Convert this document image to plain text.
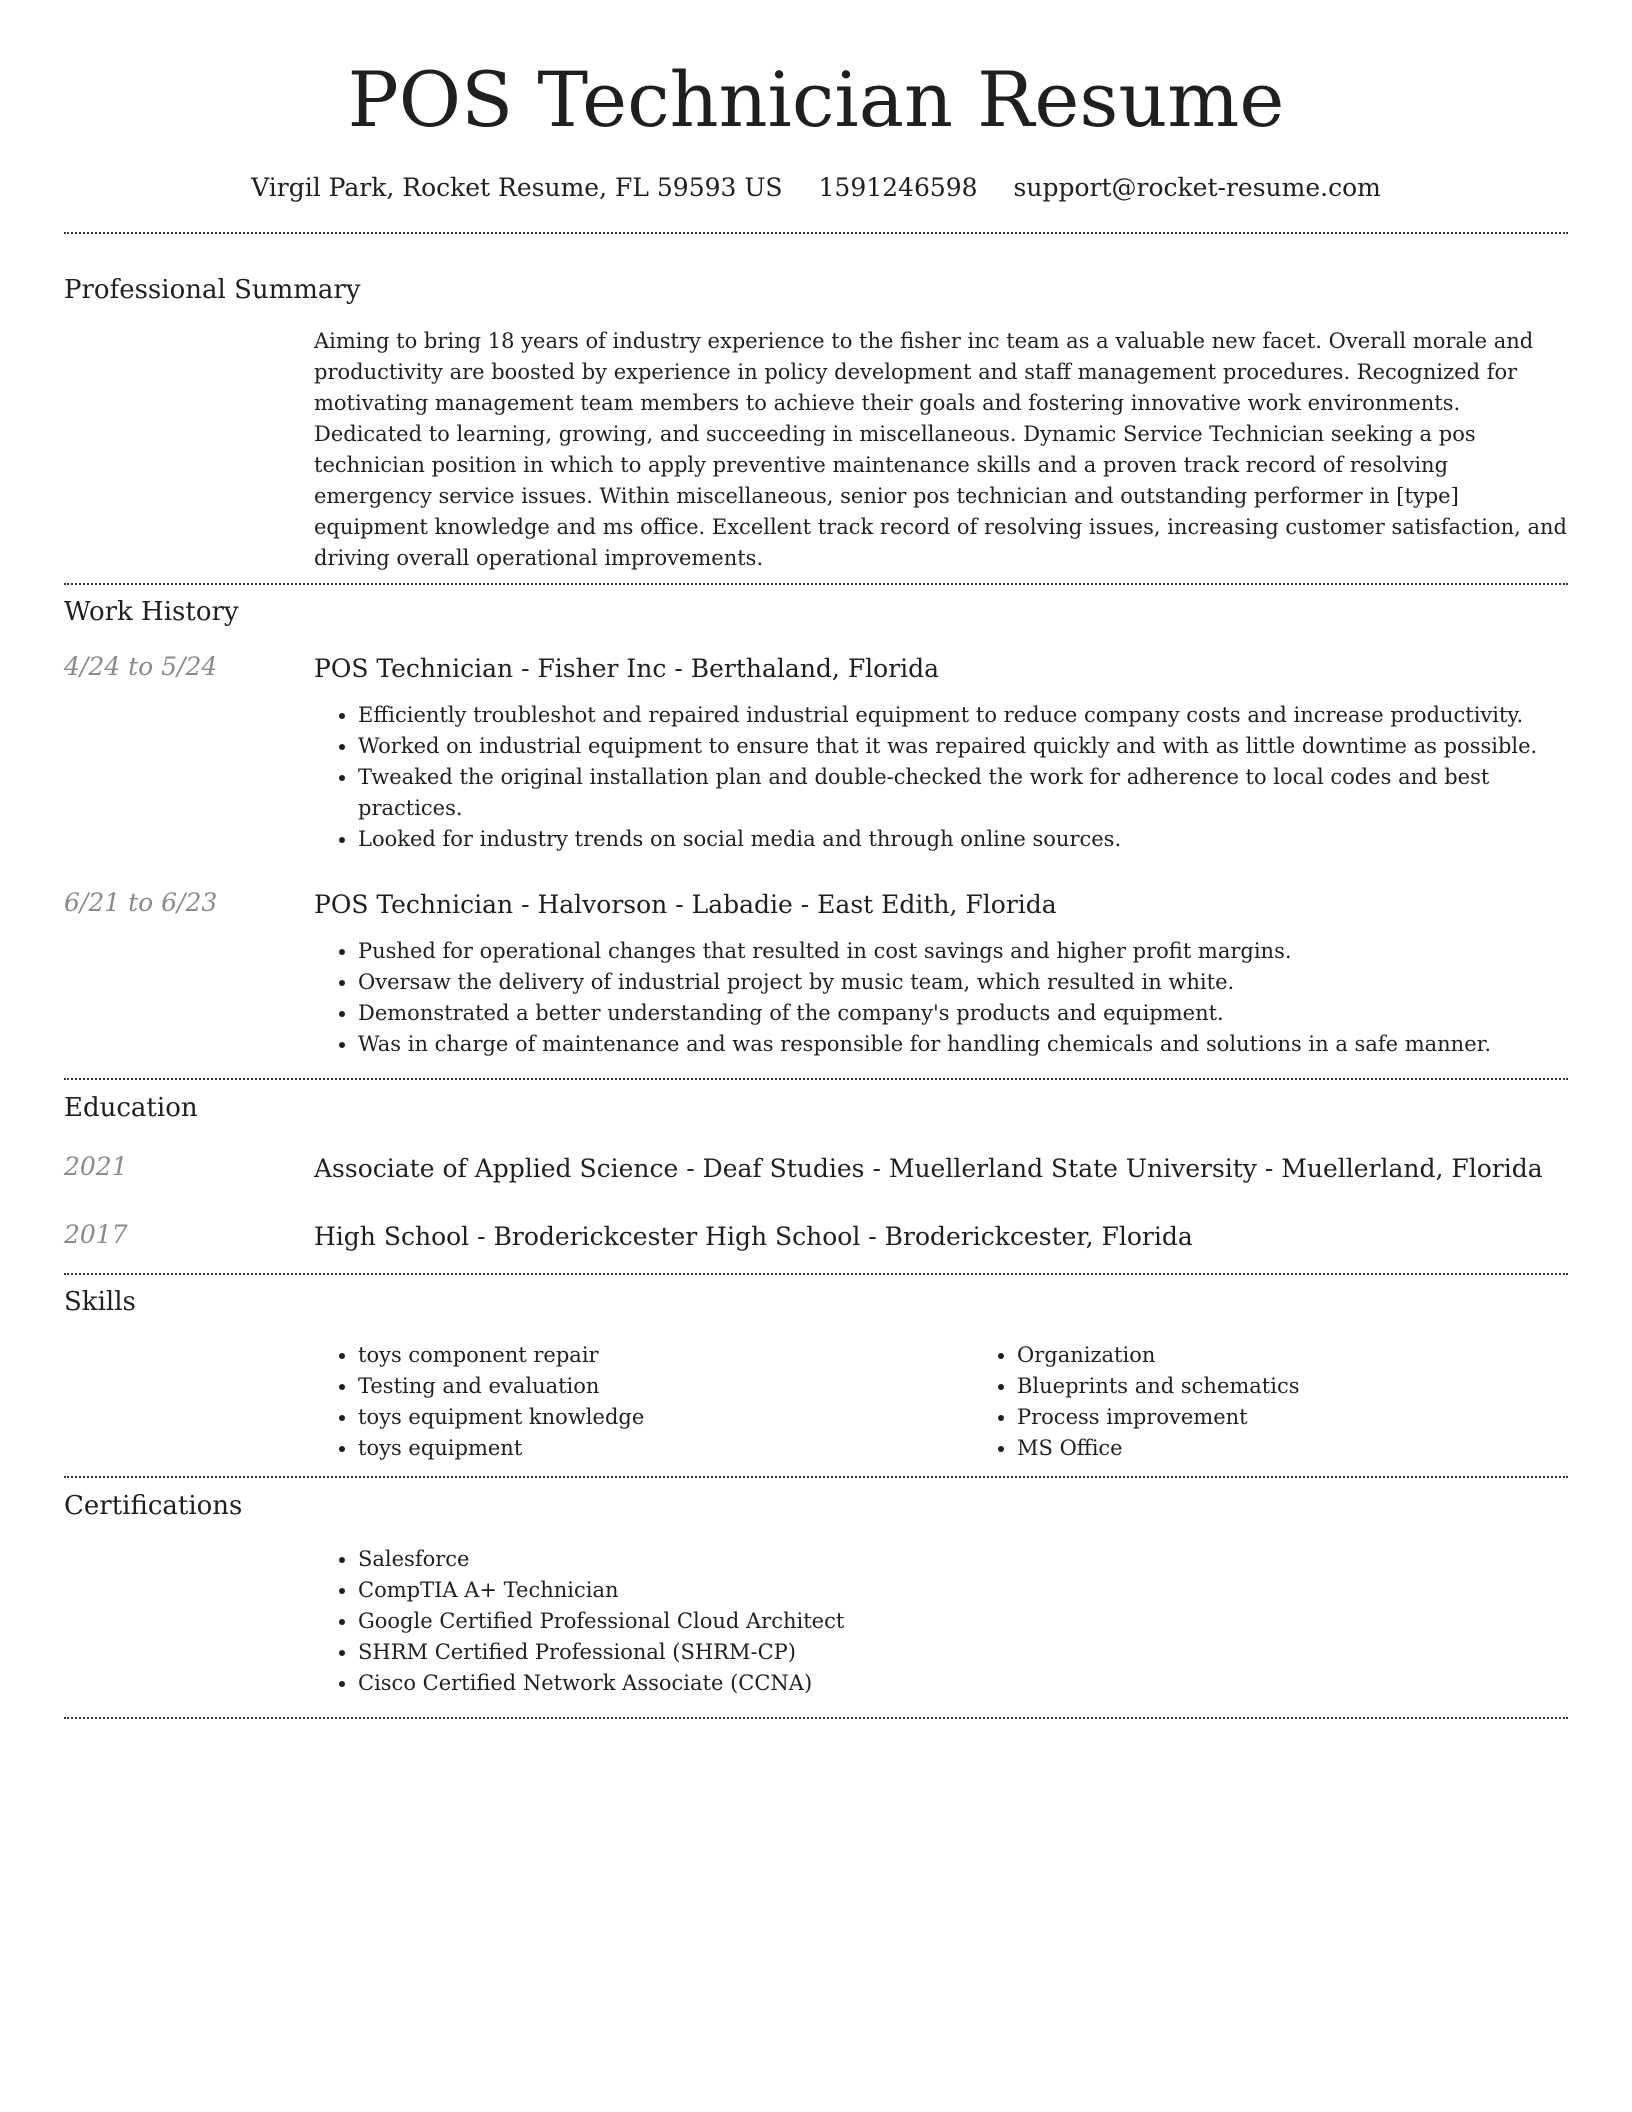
POS Technician Resume
Virgil Park, Rocket Resume, FL 59593 US 1591246598 support@rocket-resume.com
Professional Summary

Aiming to bring 18 years of industry experience to the fisher inc team as a valuable new facet. Overall morale and productivity are boosted by experience in policy development and staff management procedures. Recognized for motivating management team members to achieve their goals and fostering innovative work environments. Dedicated to learning, growing, and succeeding in miscellaneous. Dynamic Service Technician seeking a pos technician position in which to apply preventive maintenance skills and a proven track record of resolving emergency service issues. Within miscellaneous, senior pos technician and outstanding performer in [type] equipment knowledge and ms office. Excellent track record of resolving issues, increasing customer satisfaction, and driving overall operational improvements.

Work History
4/24 to 5/24	POS Technician - Fisher Inc - Berthaland, Florida
• Efficiently troubleshot and repaired industrial equipment to reduce company costs and increase productivity.
• Worked on industrial equipment to ensure that it was repaired quickly and with as little downtime as possible.
• Tweaked the original installation plan and double-checked the work for adherence to local codes and best practices.
• Looked for industry trends on social media and through online sources.
6/21 to 6/23	POS Technician - Halvorson - Labadie - East Edith, Florida
• Pushed for operational changes that resulted in cost savings and higher profit margins.
• Oversaw the delivery of industrial project by music team, which resulted in white.
• Demonstrated a better understanding of the company's products and equipment.
• Was in charge of maintenance and was responsible for handling chemicals and solutions in a safe manner.
Education
2021	Associate of Applied Science - Deaf Studies - Muellerland State University - Muellerland, Florida
2017	High School - Broderickcester High School - Broderickcester, Florida
Skills
• toys component repair
• Testing and evaluation
• toys equipment knowledge
• toys equipment
• Organization
• Blueprints and schematics
• Process improvement
• MS Office
Certifications
• Salesforce
• CompTIA A+ Technician
• Google Certified Professional Cloud Architect
• SHRM Certified Professional (SHRM-CP)
• Cisco Certified Network Associate (CCNA)
